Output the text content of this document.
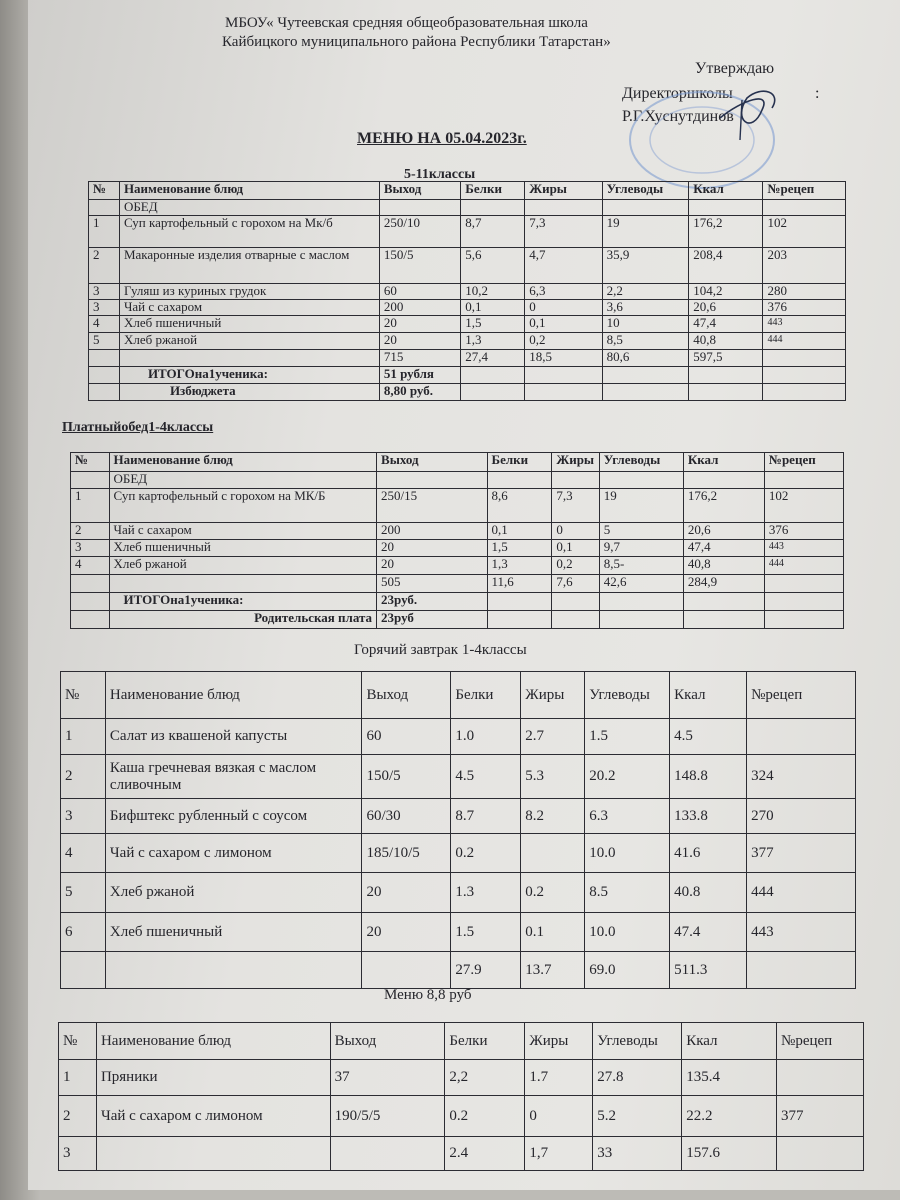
МБОУ« Чутеевская средняя общеобразовательная школа
Кайбицкого муниципального района Республики Татарстан»
Утверждаю
Директоршколы	:
Р.Г.Хуснутдинов
МЕНЮ НА 05.04.2023г.
5-11классы
№	Наименование блюд	Выход	Белки	Жиры	Углеводы	Ккал	№рецеп
	ОБЕД						
1	Суп картофельный с горохом на Мк/б	250/10	8,7	7,3	19	176,2	102
2	Макаронные изделия отварные с маслом	150/5	5,6	4,7	35,9	208,4	203
3	Гуляш из куриных грудок	60	10,2	6,3	2,2	104,2	280
3	Чай с сахаром	200	0,1	0	3,6	20,6	376
4	Хлеб пшеничный	20	1,5	0,1	10	47,4	443
5	Хлеб ржаной	20	1,3	0,2	8,5	40,8	444
		715	27,4	18,5	80,6	597,5	
	ИТОГОна1ученика:	51 рубля					
	Избюджета	8,80 руб.					
Платныйобед1-4классы
№	Наименование блюд	Выход	Белки	Жиры	Углеводы	Ккал	№рецеп
	ОБЕД						
1	Суп картофельный с горохом на МК/Б	250/15	8,6	7,3	19	176,2	102
2	Чай с сахаром	200	0,1	0	5	20,6	376
3	Хлеб пшеничный	20	1,5	0,1	9,7	47,4	443
4	Хлеб ржаной	20	1,3	0,2	8,5-	40,8	444
		505	11,6	7,6	42,6	284,9	
	ИТОГОна1ученика:	23руб.					
	Родительская плата	23руб					
Горячий завтрак 1-4классы
№	Наименование блюд	Выход	Белки	Жиры	Углеводы	Ккал	№рецеп
1	Салат из квашеной капусты	60	1.0	2.7	1.5	4.5	
2	Каша гречневая вязкая с маслом сливочным	150/5	4.5	5.3	20.2	148.8	324
3	Бифштекс рубленный с соусом	60/30	8.7	8.2	6.3	133.8	270
4	Чай с сахаром с лимоном	185/10/5	0.2		10.0	41.6	377
5	Хлеб ржаной	20	1.3	0.2	8.5	40.8	444
6	Хлеб пшеничный	20	1.5	0.1	10.0	47.4	443
			27.9	13.7	69.0	511.3	
Меню 8,8 руб
№	Наименование блюд	Выход	Белки	Жиры	Углеводы	Ккал	№рецеп
1	Пряники	37	2,2	1.7	27.8	135.4	
2	Чай с сахаром с лимоном	190/5/5	0.2	0	5.2	22.2	377
3			2.4	1,7	33	157.6	
